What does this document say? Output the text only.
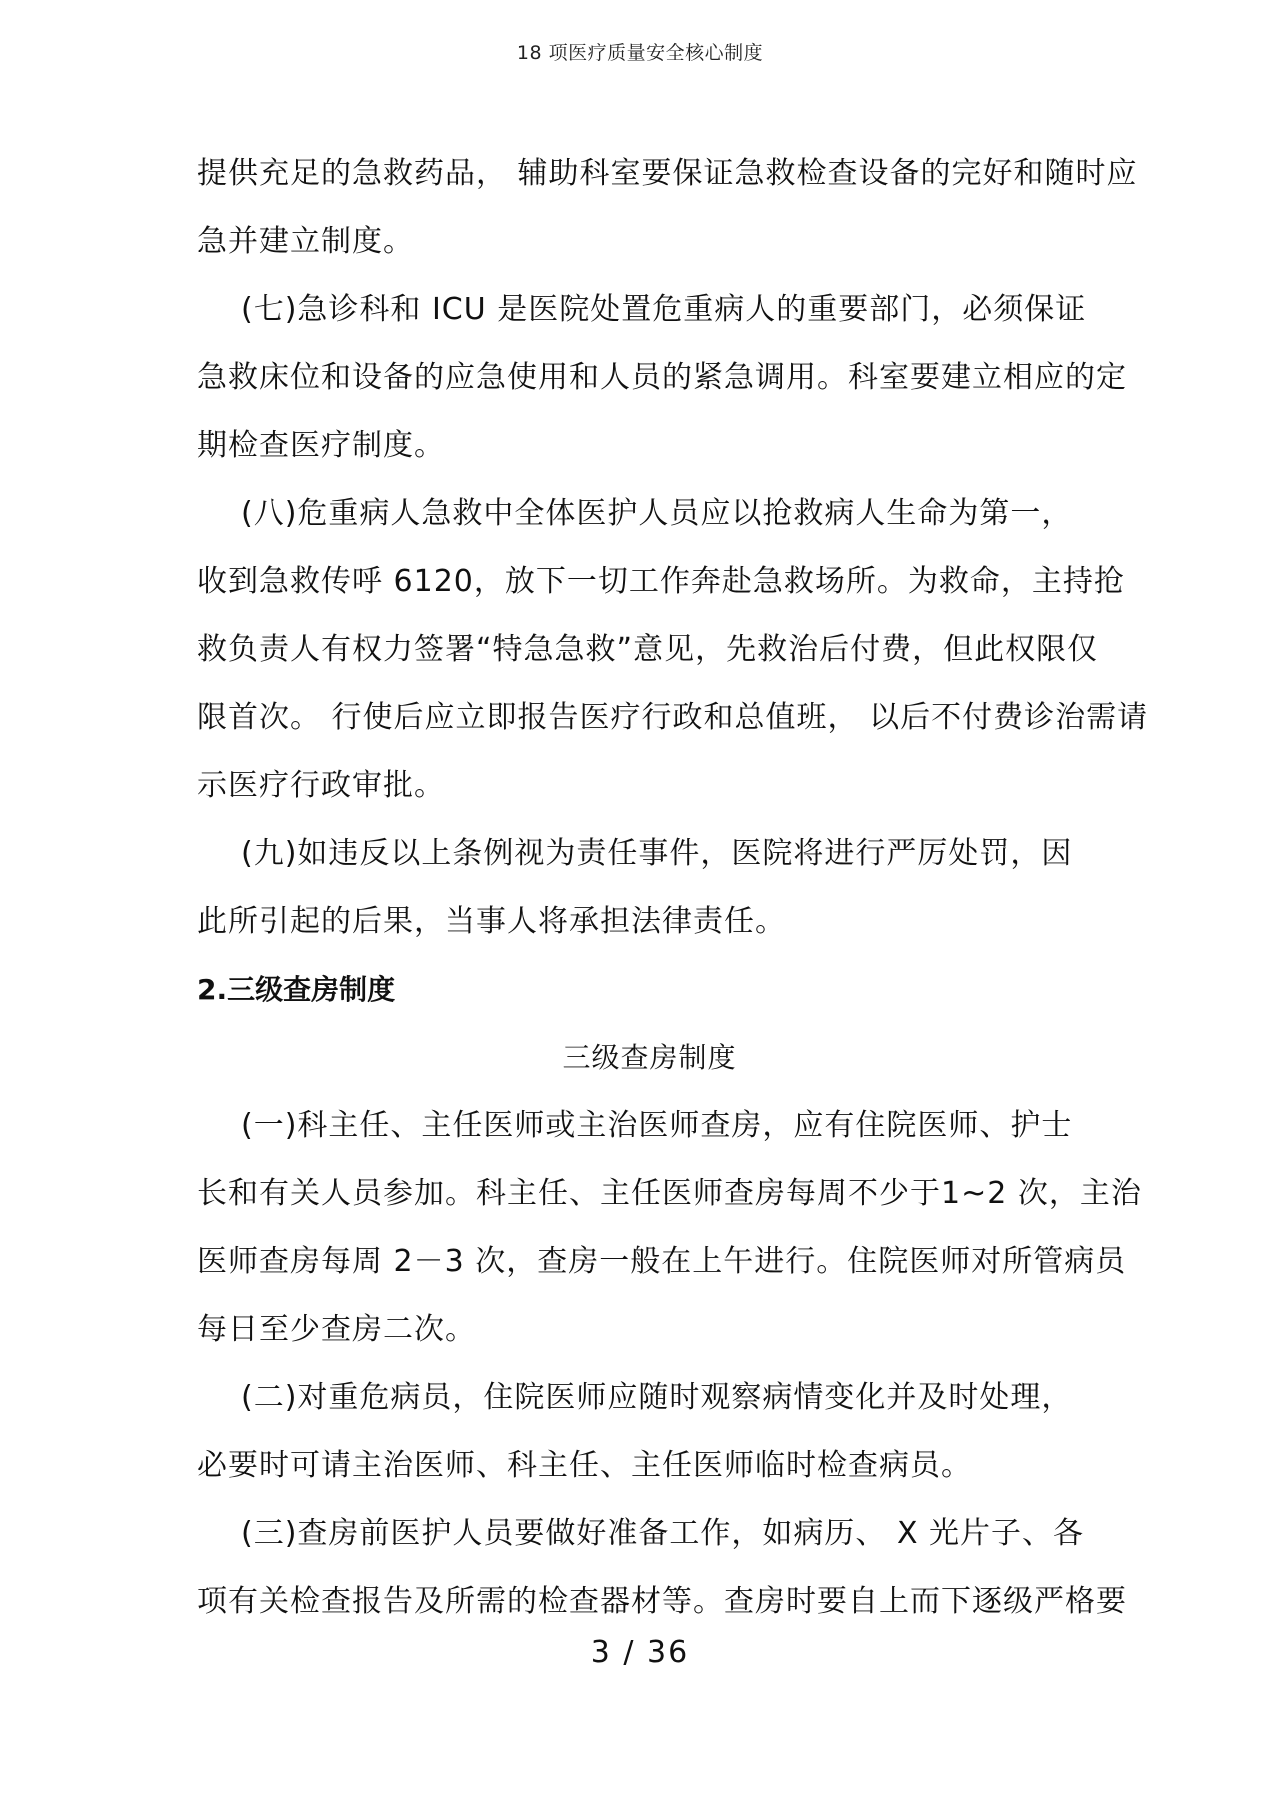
18 项医疗质量安全核心制度
提供充足的急救药品， 辅助科室要保证急救检查设备的完好和随时应
急并建立制度。
(七)急诊科和 ICU 是医院处置危重病人的重要部门，必须保证
急救床位和设备的应急使用和人员的紧急调用。科室要建立相应的定
期检查医疗制度。
(八)危重病人急救中全体医护人员应以抢救病人生命为第一，
收到急救传呼 6120，放下一切工作奔赴急救场所。为救命，主持抢
救负责人有权力签署“特急急救”意见，先救治后付费，但此权限仅
限首次。 行使后应立即报告医疗行政和总值班， 以后不付费诊治需请
示医疗行政审批。
(九)如违反以上条例视为责任事件，医院将进行严厉处罚，因
此所引起的后果，当事人将承担法律责任。
2.三级查房制度
三级查房制度
(一)科主任、主任医师或主治医师查房，应有住院医师、护士
长和有关人员参加。科主任、主任医师查房每周不少于1~2 次，主治
医师查房每周 2－3 次，查房一般在上午进行。住院医师对所管病员
每日至少查房二次。
(二)对重危病员，住院医师应随时观察病情变化并及时处理，
必要时可请主治医师、科主任、主任医师临时检查病员。
(三)查房前医护人员要做好准备工作，如病历、 X 光片子、各
项有关检查报告及所需的检查器材等。查房时要自上而下逐级严格要
3 / 36
